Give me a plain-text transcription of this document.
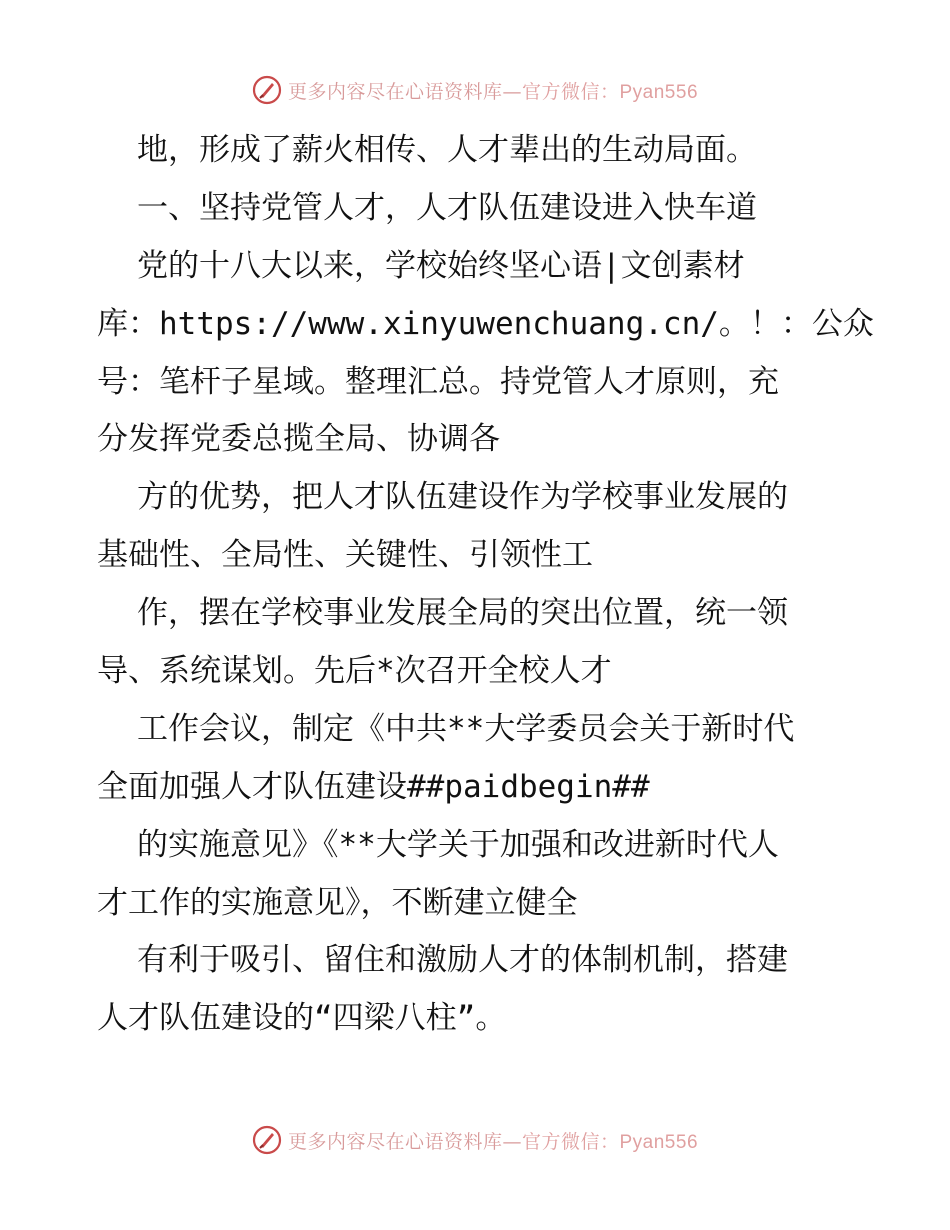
更多内容尽在心语资料库—官方微信：Pyan556
地，形成了薪火相传、人才辈出的生动局面。
一、坚持党管人才，人才队伍建设进入快车道
党的十八大以来，学校始终坚心语|文创素材
库：https://www.xinyuwenchuang.cn/。！：公众
号：笔杆子星域。整理汇总。持党管人才原则，充
分发挥党委总揽全局、协调各
方的优势，把人才队伍建设作为学校事业发展的
基础性、全局性、关键性、引领性工
作，摆在学校事业发展全局的突出位置，统一领
导、系统谋划。先后*次召开全校人才
工作会议，制定《中共**大学委员会关于新时代
全面加强人才队伍建设##paidbegin##
的实施意见》《**大学关于加强和改进新时代人
才工作的实施意见》，不断建立健全
有利于吸引、留住和激励人才的体制机制，搭建
人才队伍建设的“四梁八柱”。
更多内容尽在心语资料库—官方微信：Pyan556
